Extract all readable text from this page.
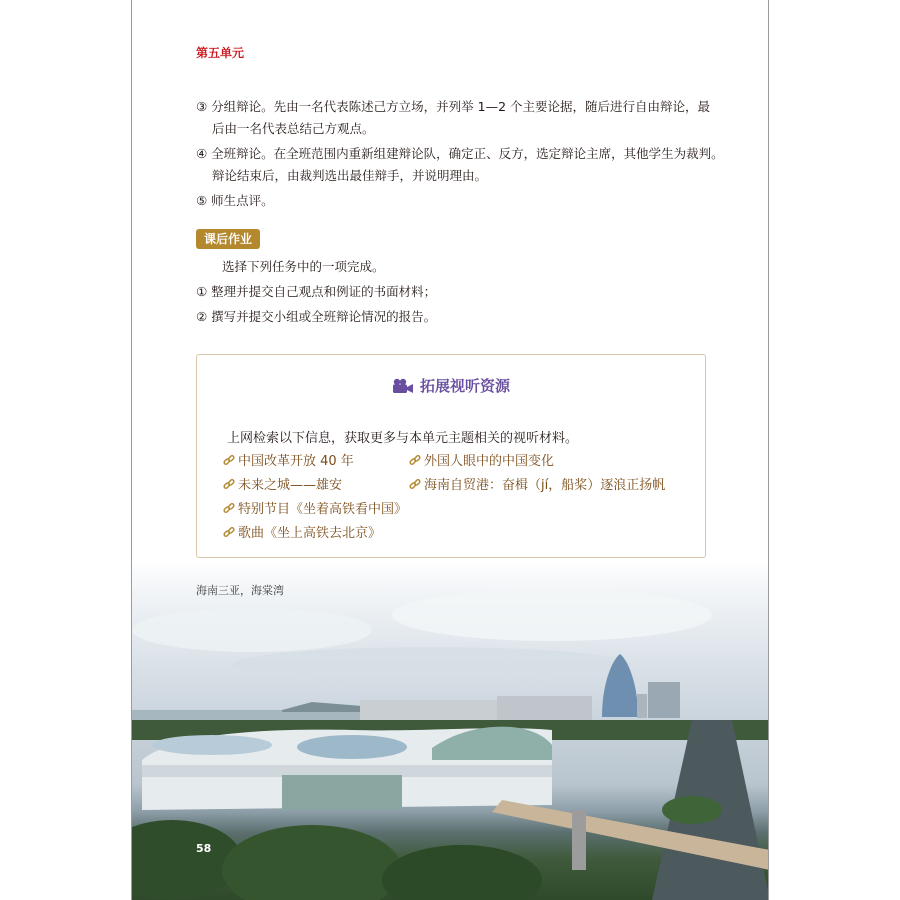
第五单元
③ 分组辩论。先由一名代表陈述己方立场，并列举 1—2 个主要论据，随后进行自由辩论，最
后由一名代表总结己方观点。
④ 全班辩论。在全班范围内重新组建辩论队，确定正、反方，选定辩论主席，其他学生为裁判。
辩论结束后，由裁判选出最佳辩手，并说明理由。
⑤ 师生点评。
课后作业
选择下列任务中的一项完成。
① 整理并提交自己观点和例证的书面材料；
② 撰写并提交小组或全班辩论情况的报告。
拓展视听资源
上网检索以下信息，获取更多与本单元主题相关的视听材料。
中国改革开放 40 年	外国人眼中的中国变化
未来之城——雄安	海南自贸港：奋楫（jí，船桨）逐浪正扬帆
特别节目《坐着高铁看中国》
歌曲《坐上高铁去北京》
海南三亚，海棠湾
58
